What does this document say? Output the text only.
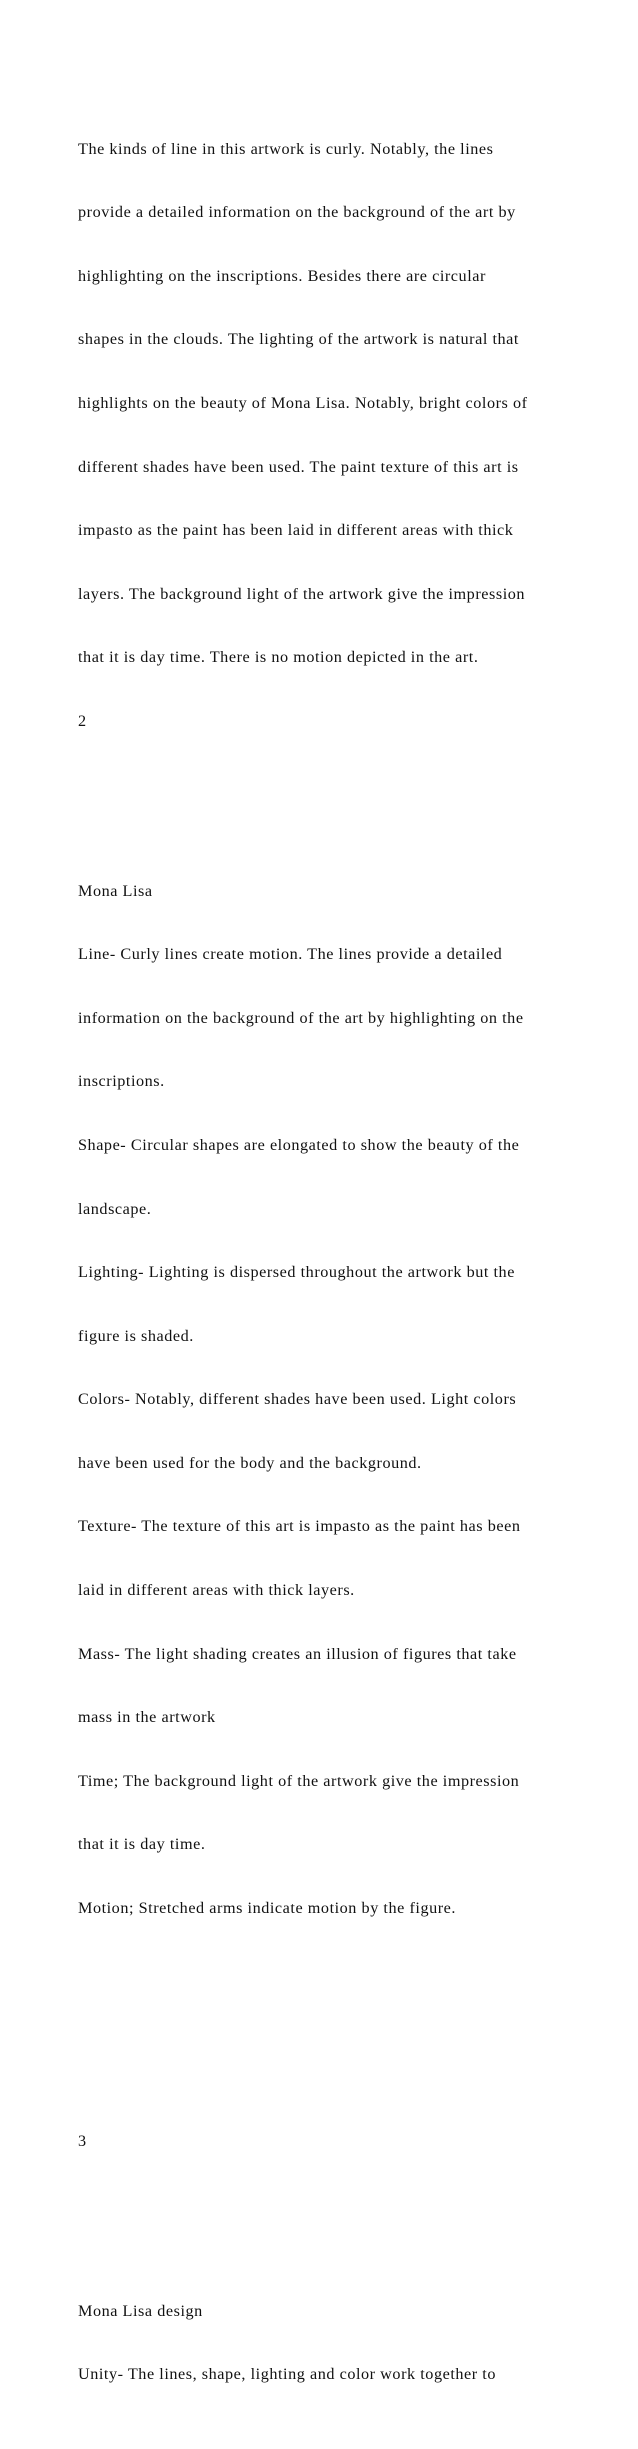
The kinds of line in this artwork is curly. Notably, the lines

provide a detailed information on the background of the art by

highlighting on the inscriptions. Besides there are circular

shapes in the clouds. The lighting of the artwork is natural that

highlights on the beauty of Mona Lisa. Notably, bright colors of

different shades have been used. The paint texture of this art is

impasto as the paint has been laid in different areas with thick

layers. The background light of the artwork give the impression

that it is day time. There is no motion depicted in the art.

2

Mona Lisa

Line- Curly lines create motion. The lines provide a detailed

information on the background of the art by highlighting on the

inscriptions.

Shape- Circular shapes are elongated to show the beauty of the

landscape.

Lighting- Lighting is dispersed throughout the artwork but the

figure is shaded.

Colors- Notably, different shades have been used. Light colors

have been used for the body and the background.

Texture- The texture of this art is impasto as the paint has been

laid in different areas with thick layers.

Mass- The light shading creates an illusion of figures that take

mass in the artwork

Time; The background light of the artwork give the impression

that it is day time.

Motion; Stretched arms indicate motion by the figure.

3

Mona Lisa design

Unity- The lines, shape, lighting and color work together to
